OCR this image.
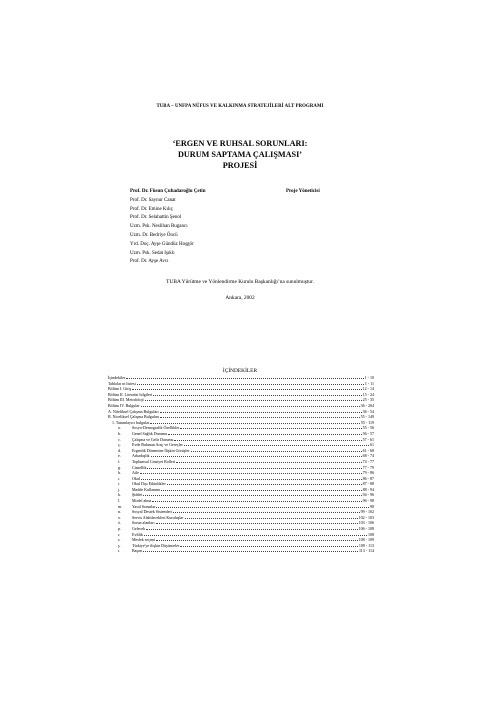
TUBA – UNFPA NÜFUS VE KALKINMA STRATEJİLERİ ALT PROGRAMI
‘ERGEN VE RUHSAL SORUNLARI:
DURUM SAPTAMA ÇALIŞMASI’
PROJESİ
Prof. Dr. Füsun Çuhadaroğlu Çetin	Proje Yöneticisi
Prof. Dr. Saynur Canat
Prof. Dr. Emine Kılıç
Prof. Dr. Selahattin Şenol
Uzm. Psk. Neslihan Rugancı
Uzm. Dr. Bedriye Öncü
Yrd. Doç. Ayşe Gündüz Hoşgör
Uzm. Psk. Sedat Işıklı
Prof. Dr. Ayşe Avcı
TUBA Yürütme ve Yönlendirme Kurulu Başkanlığı’na sunulmuştur.
Ankara, 2002
İÇİNDEKİLER
İçindekiler	1 - 10
Tablolar ın listesi	1 - 11
Bölüm I. Giriş	12 - 14
Bölüm II. Literatür bilgileri	15 - 24
Bölüm III. Metodoloji	25 - 35
Bölüm IV. Bulgular	36 - 204
A. Niteliksel Çalışma Bulguları	36 - 54
B. Niceliksel Çalışma Bulguları	55 - 149
1. Tanımlayıcı bulgular	55 - 119
a.	Sosyo-Demografik Özellikler	55 - 56
b.	Genel Sağlık Durumu	56 - 57
c.	Çalışma ve Gelir Durumu	57 - 61
ç.	Evde Bulunan Araç ve Gereçler	61
d.	Ergenlik Dönemine İlişkin Görüşler	61 - 68
e.	Arkadaşlık	68 - 74
f.	Toplumsal Cinsiyet Rolleri	74 - 77
g.	Cinsellik	77 - 79
h.	Aile	79 - 86
ı.	Okul	86 - 87
i.	Okul Dışı Etkinlikler	87 - 88
j.	Madde Kullanımı	88 - 94
k.	Şiddet	94 - 96
l.	Model alma	96 - 98
m.	Yasal Sorunlar	98
n.	Sosyal Destek Sistemleri	99 - 102
o.	Servis Alabilecekleri Kuruluşlar	102 - 103
ö.	Sorun alanları	103 - 106
p.	Gelecek	106 - 108
r.	Evlilik	108
s.	Meslek seçimi	108 - 109
ş.	Türkiye'ye ilişkin Düşünceler	109 - 113
t.	Başarı	113 - 114
